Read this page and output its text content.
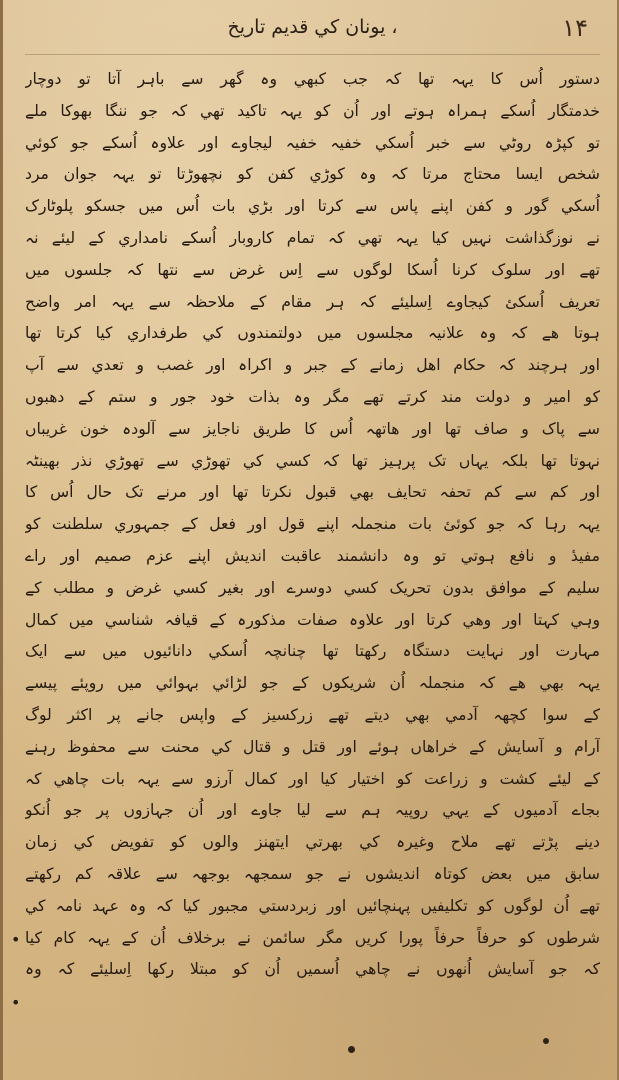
، یونان کي قدیم تاریخ	۱۴
دستور اُس کا یہہ تھا کہ جب کبھي وہ گھر سے باہر آتا تو دوچار
خدمتگار اُسکے ہمراہ ہوتے اور اُن کو یہہ تاکید تھي کہ جو ننگا بھوکا ملے
تو کپڑہ روٹي سے خبر اُسکي خفیہ خفیہ لیجاوے اور علاوہ اُسکے جو کوئي
شخص ایسا محتاج مرتا کہ وہ کوڑي کفن کو نچھوڑتا تو یہہ جوان مرد
اُسکي گور و کفن اپنے پاس سے کرتا اور بڑي بات اُس میں جسکو پلوٹارک
نے نوزگذاشت نہیں کیا یہہ تھي کہ تمام کاروبار اُسکے نامداري کے لیئے نہ
تھے اور سلوک کرنا اُسکا لوگوں سے اِس غرض سے نتھا کہ جلسوں میں
تعریف اُسکئ کیجاوے اِسلیئے کہ ہر مقام کے ملاحظہ سے یہہ امر واضح
ہوتا ھے کہ وہ علانیہ مجلسوں میں دولتمندوں کي طرفداري کیا کرتا تھا
اور ہرچند کہ حکام اھل زمانے کے جبر و اکراہ اور غصب و تعدي سے آپ
کو امیر و دولت مند کرتے تھے مگر وہ بذات خود جور و ستم کے دھبوں
سے پاک و صاف تھا اور ھاتھہ اُس کا طریق ناجایز سے آلودہ خون غریباں
نہوتا تھا بلکہ یہاں تک پرہیز تھا کہ کسي کي تھوڑي سے تھوڑي نذر بھینٹہ
اور کم سے کم تحفہ تحایف بھي قبول نکرتا تھا اور مرنے تک حال اُس کا
یہہ رہا کہ جو کوئئ بات منجملہ اپنے قول اور فعل کے جمہوري سلطنت کو
مفیدٔ و نافع ہوتي تو وہ دانشمند عاقبت اندیش اپنے عزم صمیم اور راے
سلیم کے موافق بدون تحریک کسي دوسرے اور بغیر کسي غرض و مطلب کے
وہي کہتا اور وھي کرتا اور علاوہ صفات مذکورہ کے قیافہ شناسي میں کمال
مہارت اور نہایت دستگاہ رکھتا تھا چنانچہ اُسکي دانائیوں میں سے ایک
یہہ بھي ھے کہ منجملہ اُن شریکوں کے جو لڑائي بہوائي میں روپئے پیسے
کے سوا کچھہ آدمي بھي دیتے تھے زرکسیز کے واپس جانے پر اکثر لوگ
آرام و آسایش کے خراھاں ہوئے اور قتل و قتال کي محنت سے محفوظ رہنے
کے لیئے کشت و زراعت کو اختیار کیا اور کمال آرزو سے یہہ بات چاھي کہ
بجاے آدمیوں کے یہي روپیہ ہم سے لیا جاوے اور اُن جہازوں پر جو اُنکو
دینے پڑتے تھے ملاح وغیرہ کي بھرتي ایتھنز والوں کو تفویض کي زمان
سابق میں بعض کوتاہ اندیشوں نے جو سمجھہ بوجھہ سے علاقہ کم رکھتے
تھے اُن لوگوں کو تکلیفیں پہنچائیں اور زبردستي مجبور کیا کہ وہ عہد نامہ کي
شرطوں کو حرفاً حرفاً پورا کریں مگر سائمن نے برخلاف اُن کے یہہ کام کیا
کہ جو آسایش اُنھوں نے چاھي اُسمیں اُن کو مبتلا رکھا اِسلیئے کہ وہ
•
•
